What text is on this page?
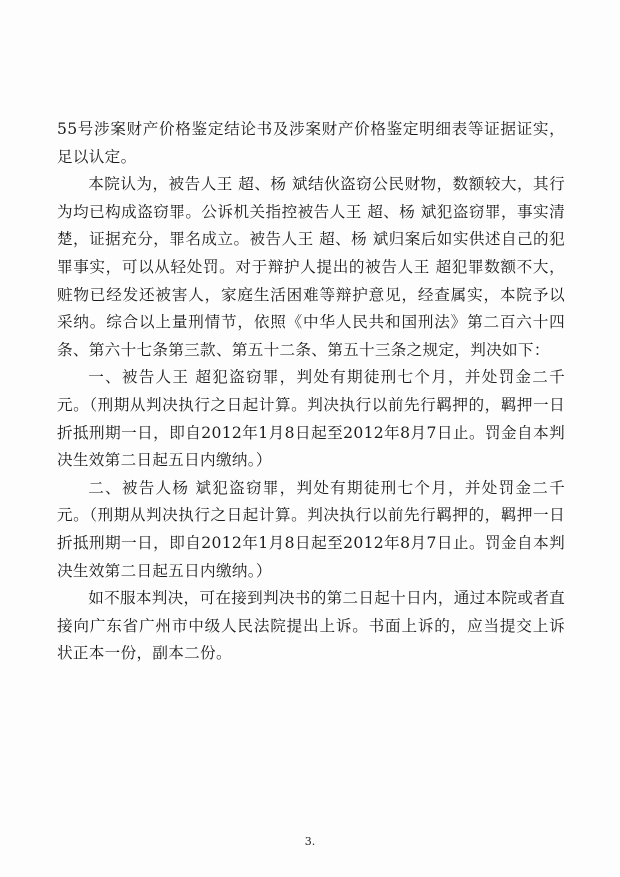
55号涉案财产价格鉴定结论书及涉案财产价格鉴定明细表等证据证实，足以认定。

本院认为，被告人王 超、杨 斌结伙盗窃公民财物，数额较大，其行为均已构成盗窃罪。公诉机关指控被告人王 超、杨 斌犯盗窃罪，事实清楚，证据充分，罪名成立。被告人王 超、杨 斌归案后如实供述自己的犯罪事实，可以从轻处罚。对于辩护人提出的被告人王 超犯罪数额不大，赃物已经发还被害人，家庭生活困难等辩护意见，经查属实，本院予以采纳。综合以上量刑情节，依照《中华人民共和国刑法》第二百六十四条、第六十七条第三款、第五十二条、第五十三条之规定，判决如下：

一、被告人王 超犯盗窃罪，判处有期徒刑七个月，并处罚金二千元。（刑期从判决执行之日起计算。判决执行以前先行羁押的，羁押一日折抵刑期一日，即自2012年1月8日起至2012年8月7日止。罚金自本判决生效第二日起五日内缴纳。）

二、被告人杨 斌犯盗窃罪，判处有期徒刑七个月，并处罚金二千元。（刑期从判决执行之日起计算。判决执行以前先行羁押的，羁押一日折抵刑期一日，即自2012年1月8日起至2012年8月7日止。罚金自本判决生效第二日起五日内缴纳。）

如不服本判决，可在接到判决书的第二日起十日内，通过本院或者直接向广东省广州市中级人民法院提出上诉。书面上诉的，应当提交上诉状正本一份，副本二份。

3.
